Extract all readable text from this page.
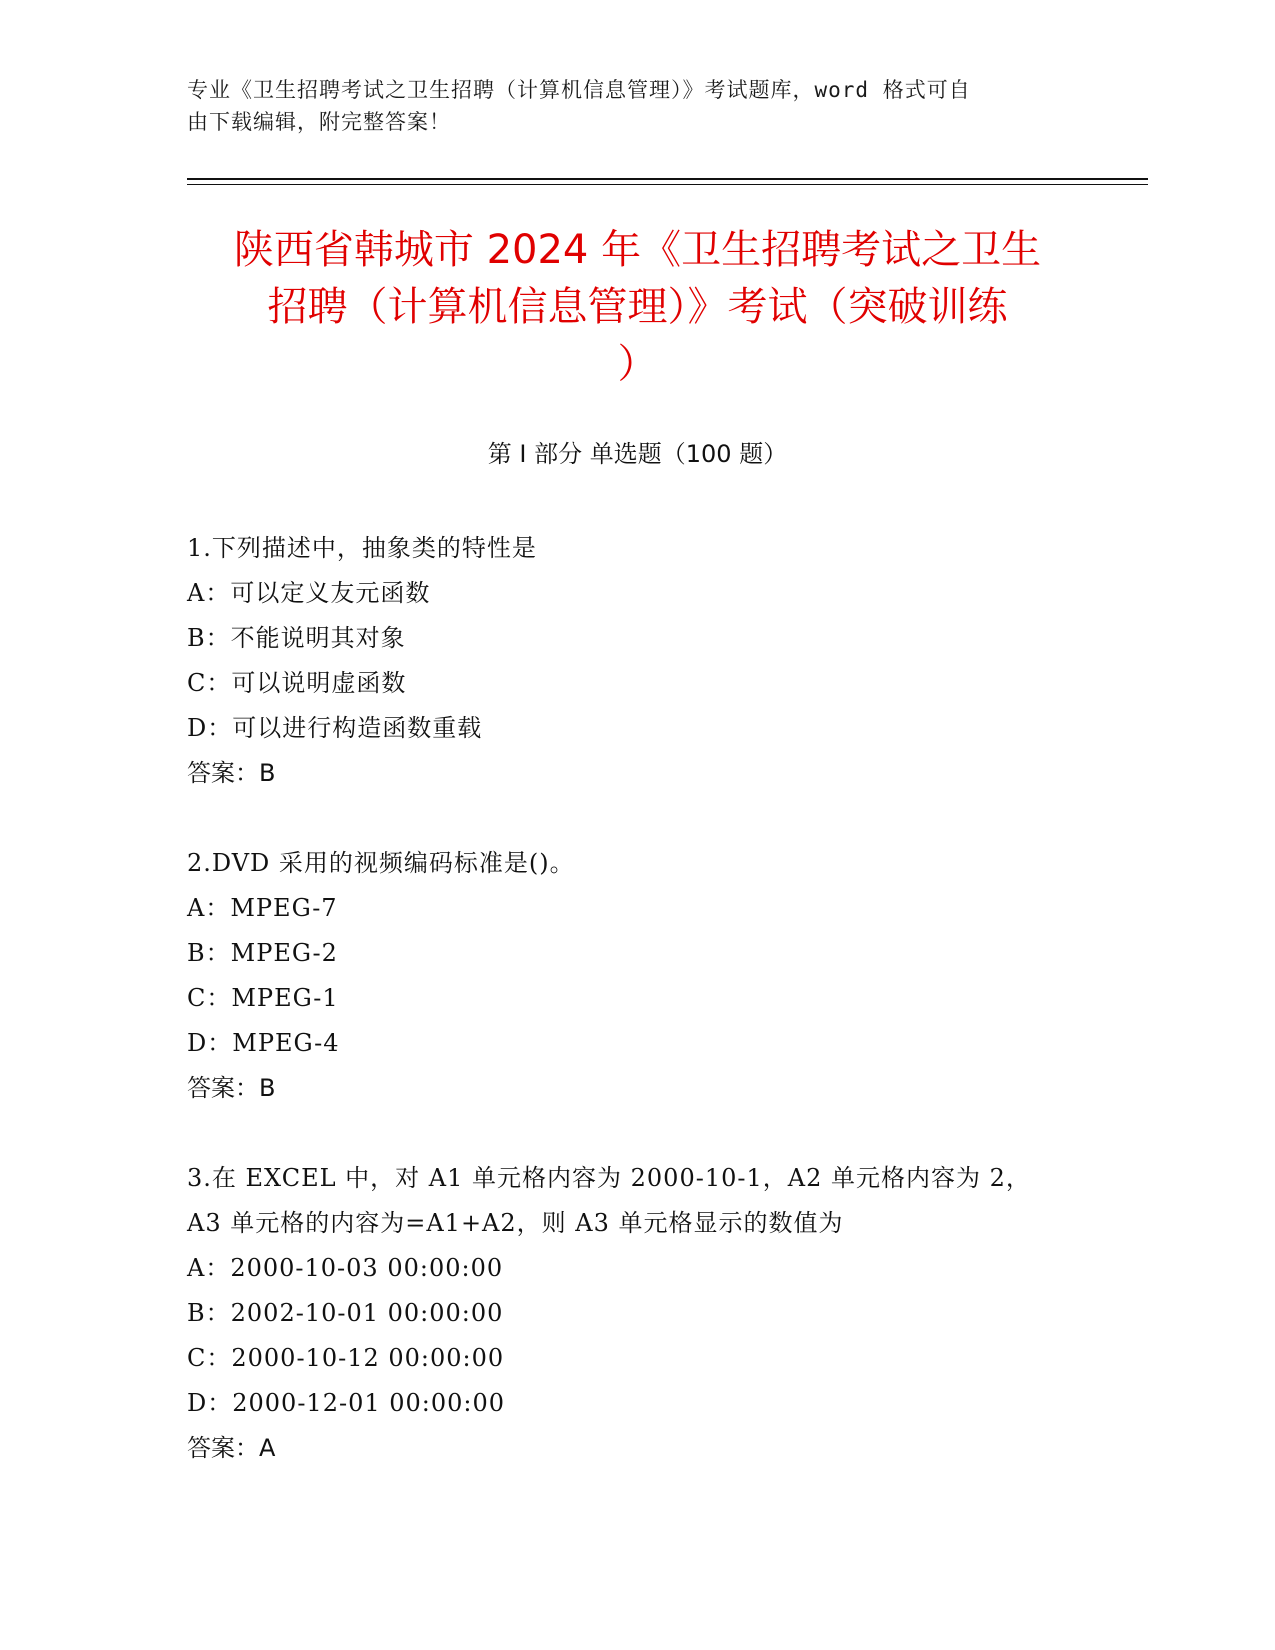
专业《卫生招聘考试之卫生招聘（计算机信息管理）》考试题库，word 格式可自
由下载编辑，附完整答案！
陕西省韩城市 2024 年《卫生招聘考试之卫生
招聘（计算机信息管理）》考试（突破训练
）
第 I 部分 单选题（100 题）
1.下列描述中，抽象类的特性是
A：可以定义友元函数
B：不能说明其对象
C：可以说明虚函数
D：可以进行构造函数重载
答案：B
2.DVD 采用的视频编码标准是()。
A：MPEG-7
B：MPEG-2
C：MPEG-1
D：MPEG-4
答案：B
3.在 EXCEL 中，对 A1 单元格内容为 2000-10-1，A2 单元格内容为 2，
A3 单元格的内容为=A1+A2，则 A3 单元格显示的数值为
A：2000-10-03 00:00:00
B：2002-10-01 00:00:00
C：2000-10-12 00:00:00
D：2000-12-01 00:00:00
答案：A
